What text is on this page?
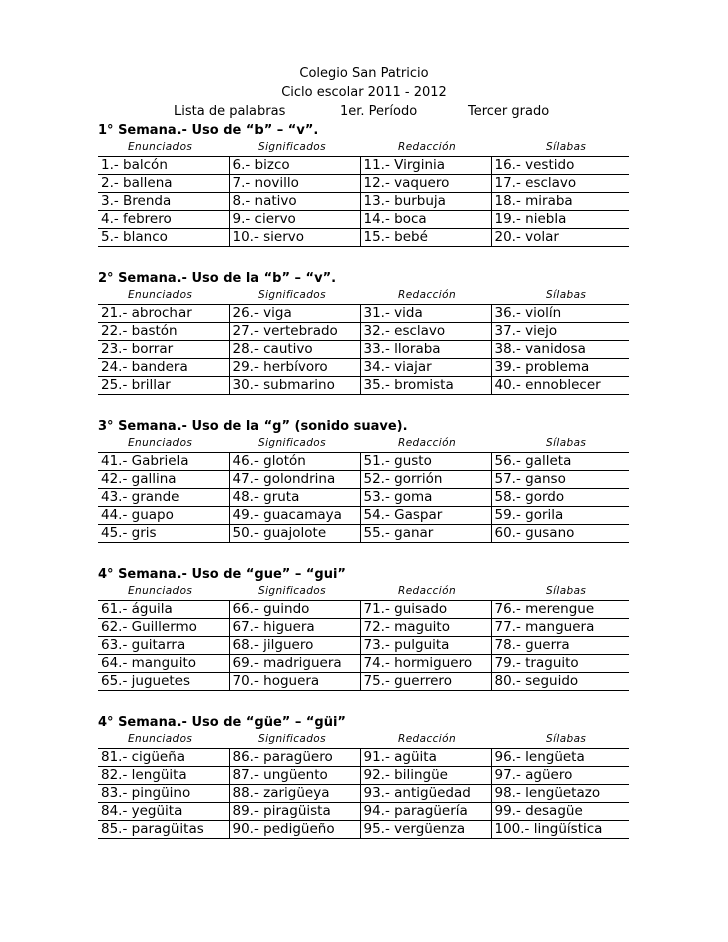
Colegio San Patricio
Ciclo escolar 2011 - 2012
Lista de palabras	1er. Período	Tercer grado
1° Semana.- Uso de “b” – “v”.
Enunciados	Significados	Redacción	Sílabas
1.- balcón	6.- bizco	11.- Virginia	16.- vestido
2.- ballena	7.- novillo	12.- vaquero	17.- esclavo
3.- Brenda	8.- nativo	13.- burbuja	18.- miraba
4.- febrero	9.- ciervo	14.- boca	19.- niebla
5.- blanco	10.- siervo	15.- bebé	20.- volar
2° Semana.- Uso de la “b” – “v”.
Enunciados	Significados	Redacción	Sílabas
21.- abrochar	26.- viga	31.- vida	36.- violín
22.- bastón	27.- vertebrado	32.- esclavo	37.- viejo
23.- borrar	28.- cautivo	33.- lloraba	38.- vanidosa
24.- bandera	29.- herbívoro	34.- viajar	39.- problema
25.- brillar	30.- submarino	35.- bromista	40.- ennoblecer
3° Semana.- Uso de la “g” (sonido suave).
Enunciados	Significados	Redacción	Sílabas
41.- Gabriela	46.- glotón	51.- gusto	56.- galleta
42.- gallina	47.- golondrina	52.- gorrión	57.- ganso
43.- grande	48.- gruta	53.- goma	58.- gordo
44.- guapo	49.- guacamaya	54.- Gaspar	59.- gorila
45.- gris	50.- guajolote	55.- ganar	60.- gusano
4° Semana.- Uso de “gue” – “gui”
Enunciados	Significados	Redacción	Sílabas
61.- águila	66.- guindo	71.- guisado	76.- merengue
62.- Guillermo	67.- higuera	72.- maguito	77.- manguera
63.- guitarra	68.- jilguero	73.- pulguita	78.- guerra
64.- manguito	69.- madriguera	74.- hormiguero	79.- traguito
65.- juguetes	70.- hoguera	75.- guerrero	80.- seguido
4° Semana.- Uso de “güe” – “güi”
Enunciados	Significados	Redacción	Sílabas
81.- cigüeña	86.- paragüero	91.- agüita	96.- lengüeta
82.- lengüita	87.- ungüento	92.- bilingüe	97.- agüero
83.- pingüino	88.- zarigüeya	93.- antigüedad	98.- lengüetazo
84.- yegüita	89.- piragüista	94.- paragüería	99.- desagüe
85.- paragüitas	90.- pedigüeño	95.- vergüenza	100.- lingüística
